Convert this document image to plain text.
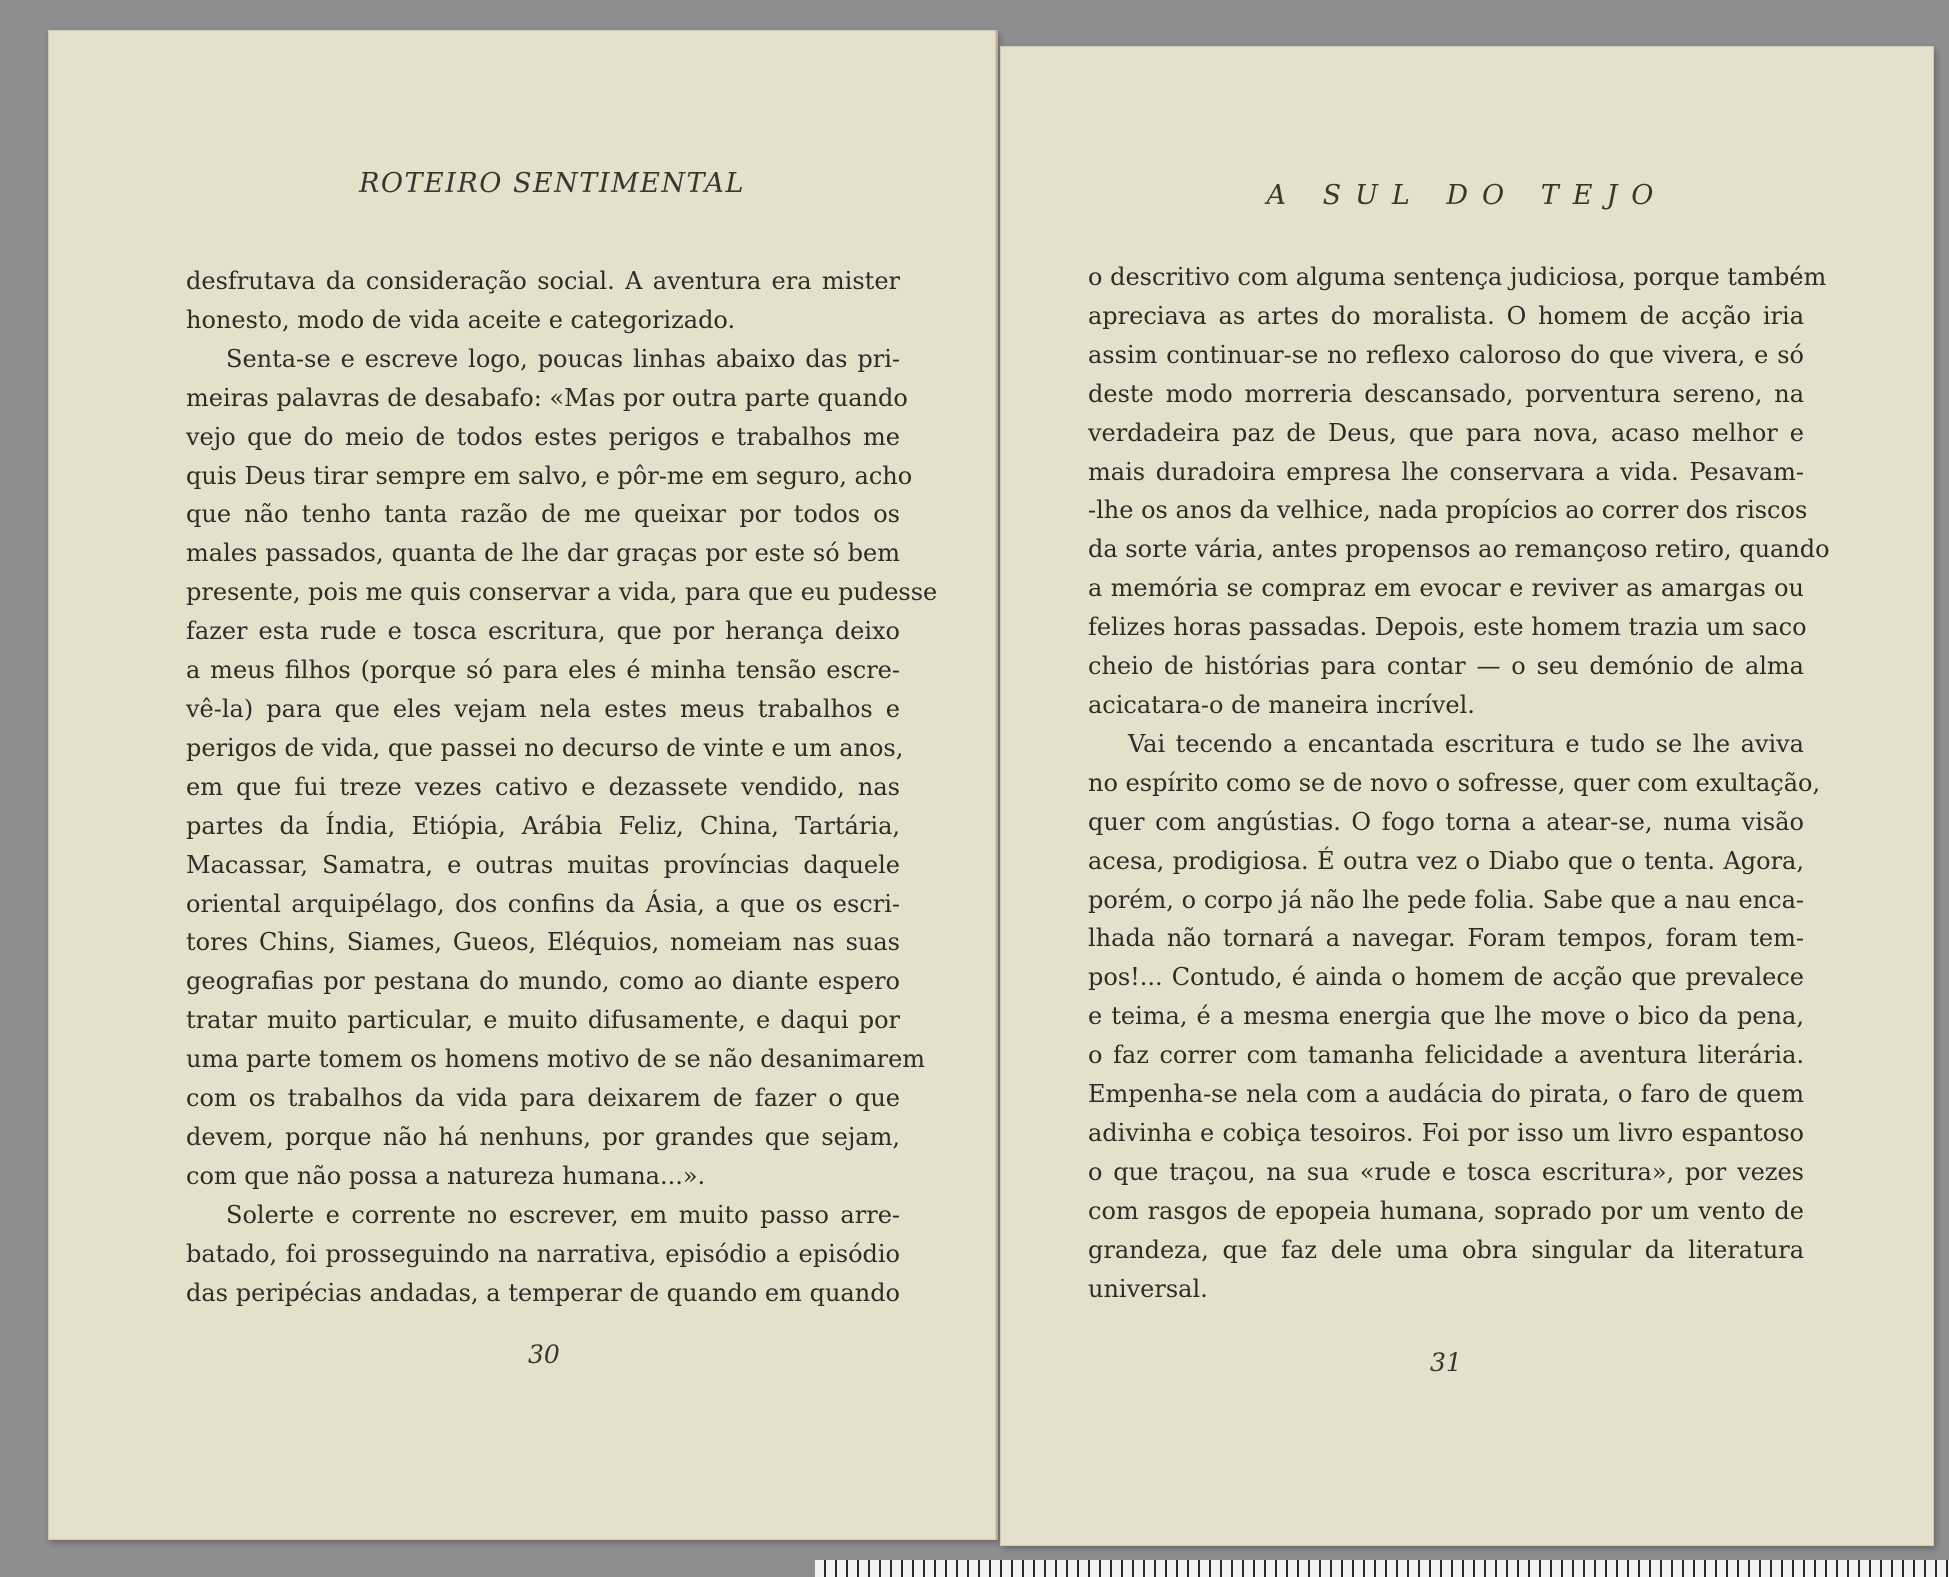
ROTEIRO SENTIMENTAL
desfrutava da consideração social. A aventura era mister
honesto, modo de vida aceite e categorizado.
Senta-se e escreve logo, poucas linhas abaixo das pri-
meiras palavras de desabafo: «Mas por outra parte quando
vejo que do meio de todos estes perigos e trabalhos me
quis Deus tirar sempre em salvo, e pôr-me em seguro, acho
que não tenho tanta razão de me queixar por todos os
males passados, quanta de lhe dar graças por este só bem
presente, pois me quis conservar a vida, para que eu pudesse
fazer esta rude e tosca escritura, que por herança deixo
a meus filhos (porque só para eles é minha tensão escre-
vê-la) para que eles vejam nela estes meus trabalhos e
perigos de vida, que passei no decurso de vinte e um anos,
em que fui treze vezes cativo e dezassete vendido, nas
partes da Índia, Etiópia, Arábia Feliz, China, Tartária,
Macassar, Samatra, e outras muitas províncias daquele
oriental arquipélago, dos confins da Ásia, a que os escri-
tores Chins, Siames, Gueos, Eléquios, nomeiam nas suas
geografias por pestana do mundo, como ao diante espero
tratar muito particular, e muito difusamente, e daqui por
uma parte tomem os homens motivo de se não desanimarem
com os trabalhos da vida para deixarem de fazer o que
devem, porque não há nenhuns, por grandes que sejam,
com que não possa a natureza humana...».
Solerte e corrente no escrever, em muito passo arre-
batado, foi prosseguindo na narrativa, episódio a episódio
das peripécias andadas, a temperar de quando em quando
30
A SUL DO TEJO
o descritivo com alguma sentença judiciosa, porque também
apreciava as artes do moralista. O homem de acção iria
assim continuar-se no reflexo caloroso do que vivera, e só
deste modo morreria descansado, porventura sereno, na
verdadeira paz de Deus, que para nova, acaso melhor e
mais duradoira empresa lhe conservara a vida. Pesavam-
-lhe os anos da velhice, nada propícios ao correr dos riscos
da sorte vária, antes propensos ao remançoso retiro, quando
a memória se compraz em evocar e reviver as amargas ou
felizes horas passadas. Depois, este homem trazia um saco
cheio de histórias para contar — o seu demónio de alma
acicatara-o de maneira incrível.
Vai tecendo a encantada escritura e tudo se lhe aviva
no espírito como se de novo o sofresse, quer com exultação,
quer com angústias. O fogo torna a atear-se, numa visão
acesa, prodigiosa. É outra vez o Diabo que o tenta. Agora,
porém, o corpo já não lhe pede folia. Sabe que a nau enca-
lhada não tornará a navegar. Foram tempos, foram tem-
pos!... Contudo, é ainda o homem de acção que prevalece
e teima, é a mesma energia que lhe move o bico da pena,
o faz correr com tamanha felicidade a aventura literária.
Empenha-se nela com a audácia do pirata, o faro de quem
adivinha e cobiça tesoiros. Foi por isso um livro espantoso
o que traçou, na sua «rude e tosca escritura», por vezes
com rasgos de epopeia humana, soprado por um vento de
grandeza, que faz dele uma obra singular da literatura
universal.
31
